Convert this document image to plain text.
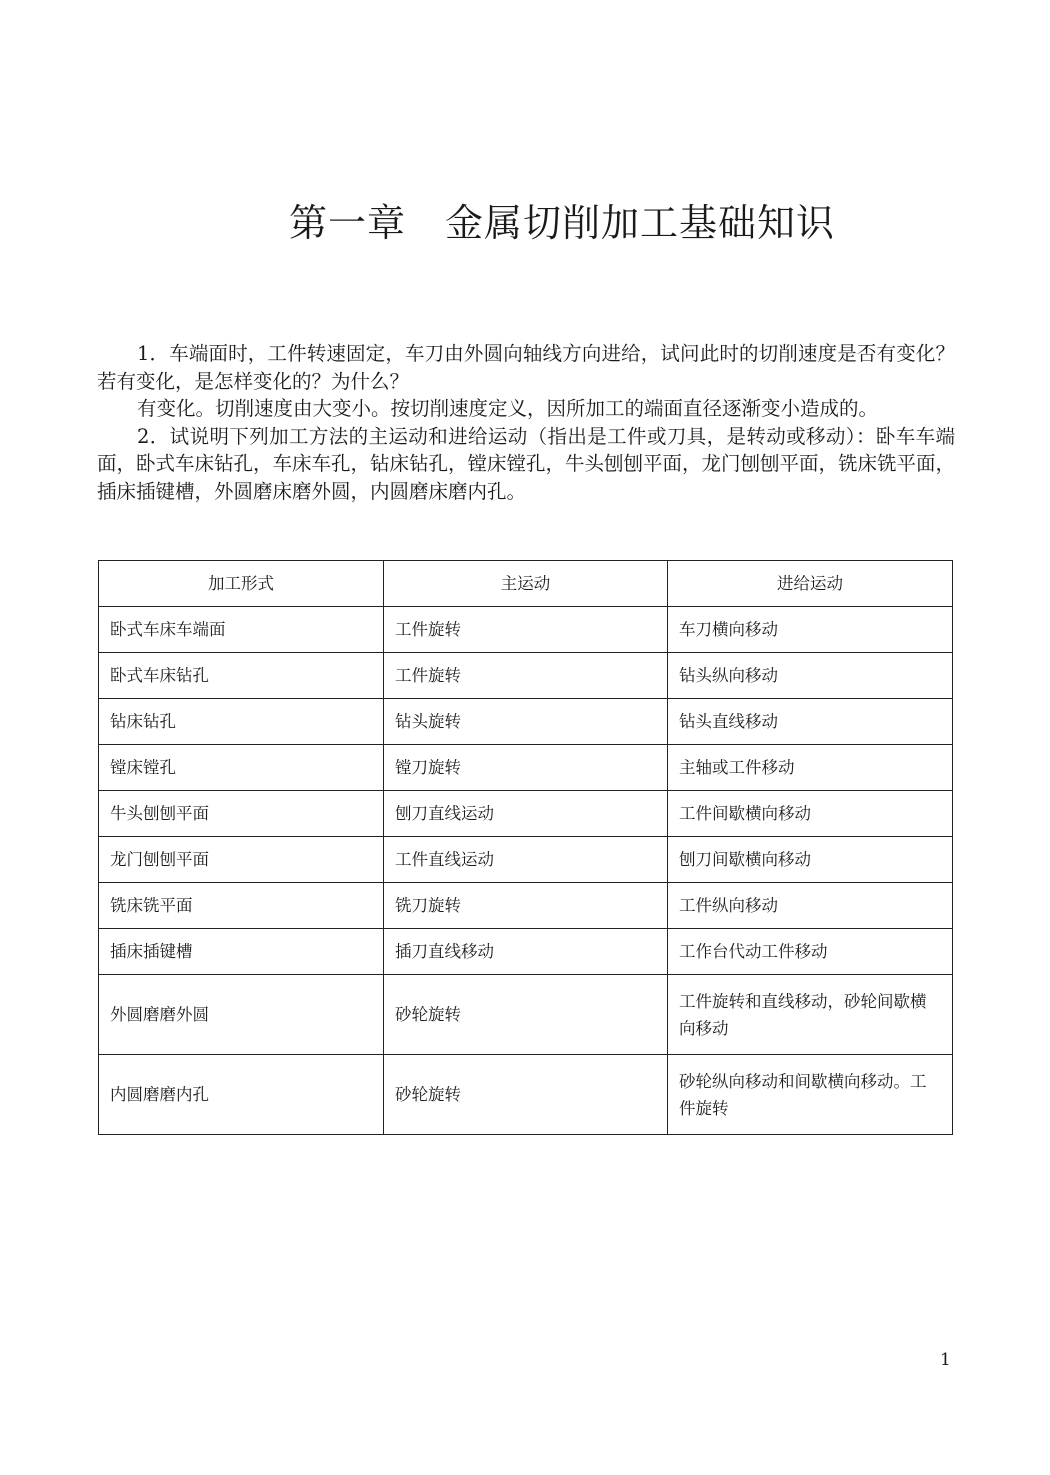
第一章　金属切削加工基础知识

1．车端面时，工件转速固定，车刀由外圆向轴线方向进给，试问此时的切削速度是否有变化？若有变化，是怎样变化的？为什么？

有变化。切削速度由大变小。按切削速度定义，因所加工的端面直径逐渐变小造成的。

2．试说明下列加工方法的主运动和进给运动（指出是工件或刀具，是转动或移动）：卧车车端面，卧式车床钻孔，车床车孔，钻床钻孔，镗床镗孔，牛头刨刨平面，龙门刨刨平面，铣床铣平面，插床插键槽，外圆磨床磨外圆，内圆磨床磨内孔。

加工形式	主运动	进给运动
卧式车床车端面	工件旋转	车刀横向移动
卧式车床钻孔	工件旋转	钻头纵向移动
钻床钻孔	钻头旋转	钻头直线移动
镗床镗孔	镗刀旋转	主轴或工件移动
牛头刨刨平面	刨刀直线运动	工件间歇横向移动
龙门刨刨平面	工件直线运动	刨刀间歇横向移动
铣床铣平面	铣刀旋转	工件纵向移动
插床插键槽	插刀直线移动	工作台代动工件移动
外圆磨磨外圆	砂轮旋转	工件旋转和直线移动，砂轮间歇横向移动
内圆磨磨内孔	砂轮旋转	砂轮纵向移动和间歇横向移动。工件旋转
1
